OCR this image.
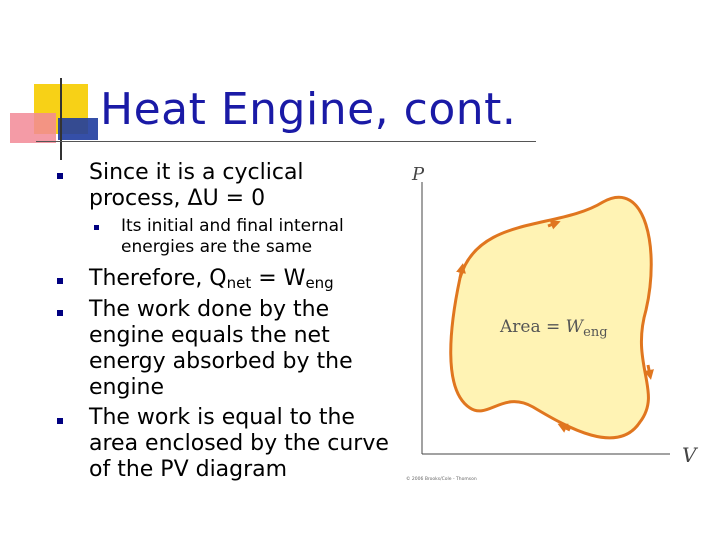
Heat Engine, cont.
Since it is a cyclical process, ΔU = 0
Its initial and final internal energies are the same
Therefore, $Q_{net} = W_{eng}$
The work done by the engine equals the net energy absorbed by the engine
The work is equal to the area enclosed by the curve of the PV diagram
P
V
Area = $W_{eng}$
© 2006 Brooks/Cole - Thomson
